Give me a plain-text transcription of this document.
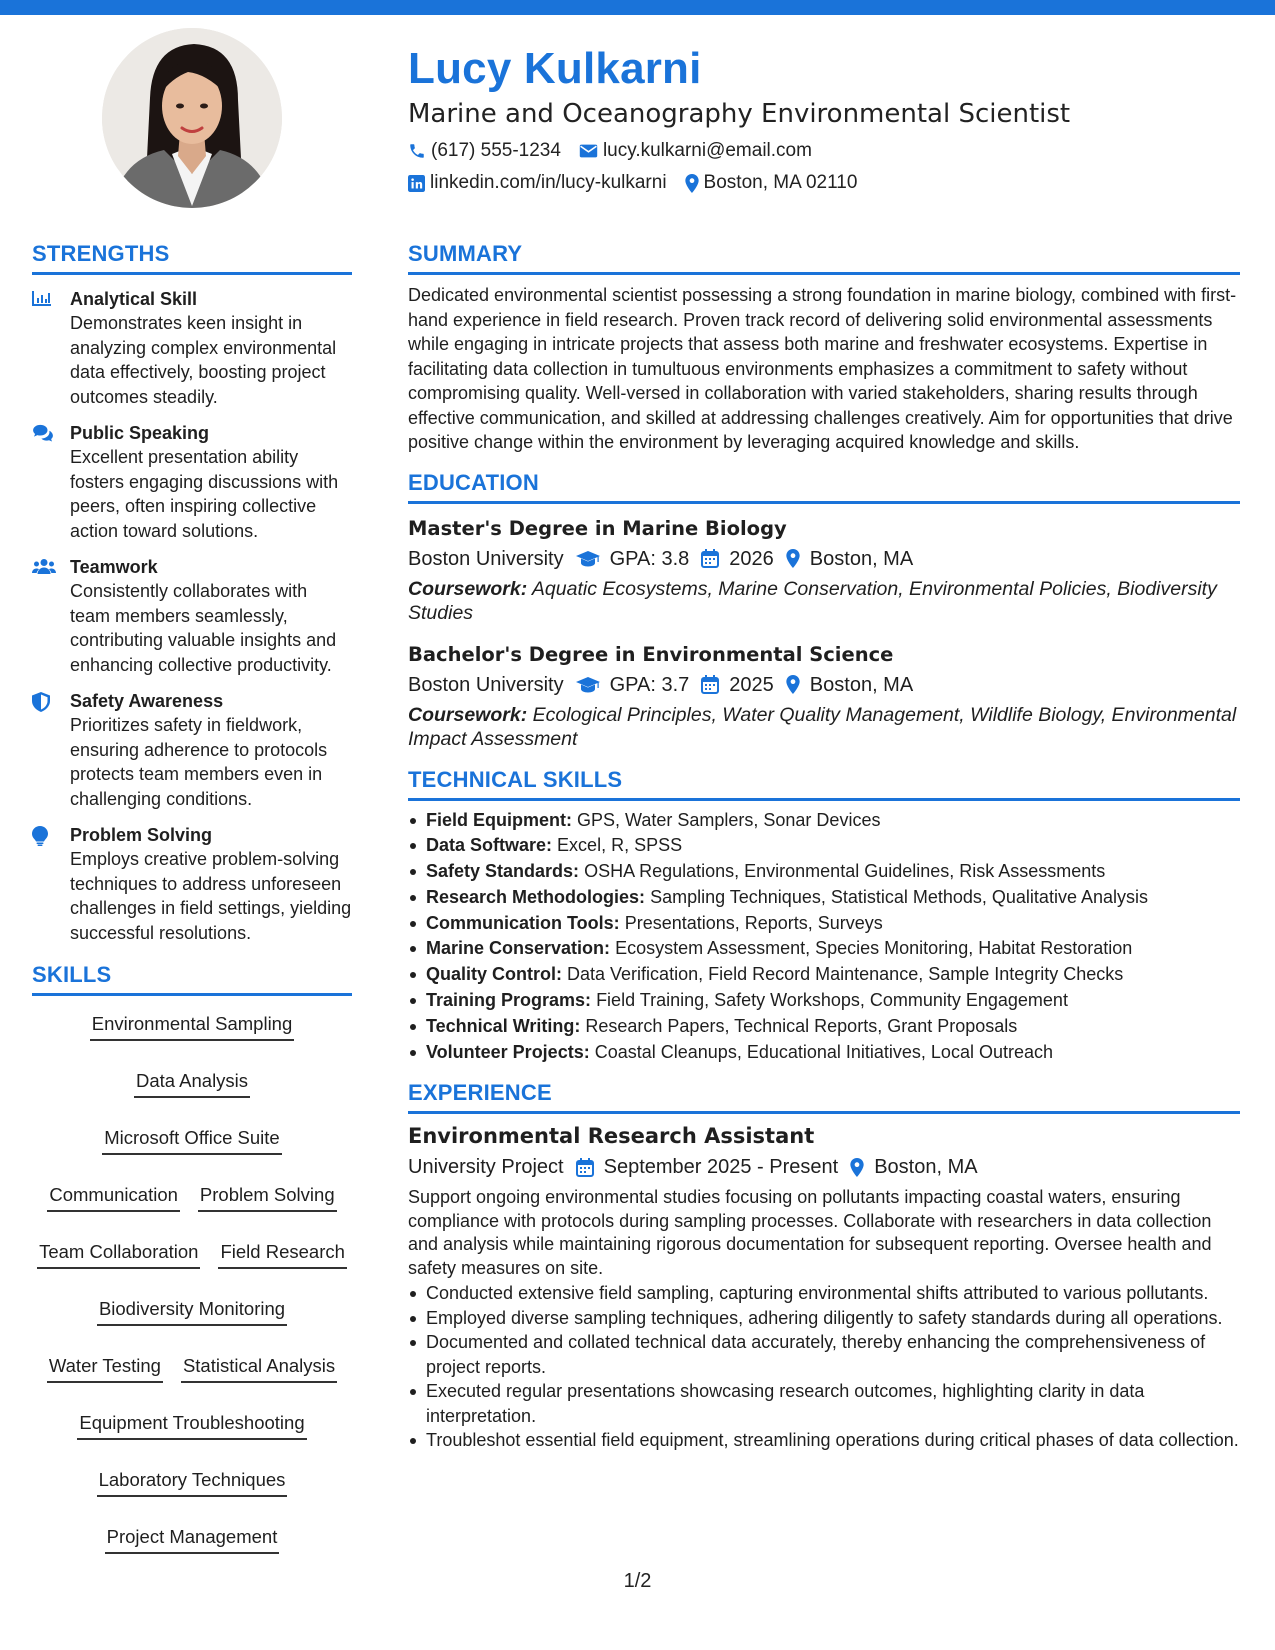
Lucy Kulkarni
Marine and Oceanography Environmental Scientist
(617) 555-1234 lucy.kulkarni@email.com
linkedin.com/in/lucy-kulkarni Boston, MA 02110
STRENGTHS
Analytical Skill
Demonstrates keen insight in analyzing complex environmental data effectively, boosting project outcomes steadily.
Public Speaking
Excellent presentation ability fosters engaging discussions with peers, often inspiring collective action toward solutions.
Teamwork
Consistently collaborates with team members seamlessly, contributing valuable insights and enhancing collective productivity.
Safety Awareness
Prioritizes safety in fieldwork, ensuring adherence to protocols protects team members even in challenging conditions.
Problem Solving
Employs creative problem-solving techniques to address unforeseen challenges in field settings, yielding successful resolutions.
SKILLS
Environmental Sampling
Data Analysis
Microsoft Office Suite
Communication Problem Solving
Team Collaboration Field Research
Biodiversity Monitoring
Water Testing Statistical Analysis
Equipment Troubleshooting
Laboratory Techniques
Project Management
SUMMARY
Dedicated environmental scientist possessing a strong foundation in marine biology, combined with first-hand experience in field research. Proven track record of delivering solid environmental assessments while engaging in intricate projects that assess both marine and freshwater ecosystems. Expertise in facilitating data collection in tumultuous environments emphasizes a commitment to safety without compromising quality. Well-versed in collaboration with varied stakeholders, sharing results through effective communication, and skilled at addressing challenges creatively. Aim for opportunities that drive positive change within the environment by leveraging acquired knowledge and skills.
EDUCATION
Master's Degree in Marine Biology
Boston University GPA: 3.8 2026 Boston, MA
Coursework: Aquatic Ecosystems, Marine Conservation, Environmental Policies, Biodiversity Studies
Bachelor's Degree in Environmental Science
Boston University GPA: 3.7 2025 Boston, MA
Coursework: Ecological Principles, Water Quality Management, Wildlife Biology, Environmental Impact Assessment
TECHNICAL SKILLS
Field Equipment: GPS, Water Samplers, Sonar Devices
Data Software: Excel, R, SPSS
Safety Standards: OSHA Regulations, Environmental Guidelines, Risk Assessments
Research Methodologies: Sampling Techniques, Statistical Methods, Qualitative Analysis
Communication Tools: Presentations, Reports, Surveys
Marine Conservation: Ecosystem Assessment, Species Monitoring, Habitat Restoration
Quality Control: Data Verification, Field Record Maintenance, Sample Integrity Checks
Training Programs: Field Training, Safety Workshops, Community Engagement
Technical Writing: Research Papers, Technical Reports, Grant Proposals
Volunteer Projects: Coastal Cleanups, Educational Initiatives, Local Outreach
EXPERIENCE
Environmental Research Assistant
University Project September 2025 - Present Boston, MA
Support ongoing environmental studies focusing on pollutants impacting coastal waters, ensuring compliance with protocols during sampling processes. Collaborate with researchers in data collection and analysis while maintaining rigorous documentation for subsequent reporting. Oversee health and safety measures on site.
Conducted extensive field sampling, capturing environmental shifts attributed to various pollutants.
Employed diverse sampling techniques, adhering diligently to safety standards during all operations.
Documented and collated technical data accurately, thereby enhancing the comprehensiveness of project reports.
Executed regular presentations showcasing research outcomes, highlighting clarity in data interpretation.
Troubleshot essential field equipment, streamlining operations during critical phases of data collection.
1/2
